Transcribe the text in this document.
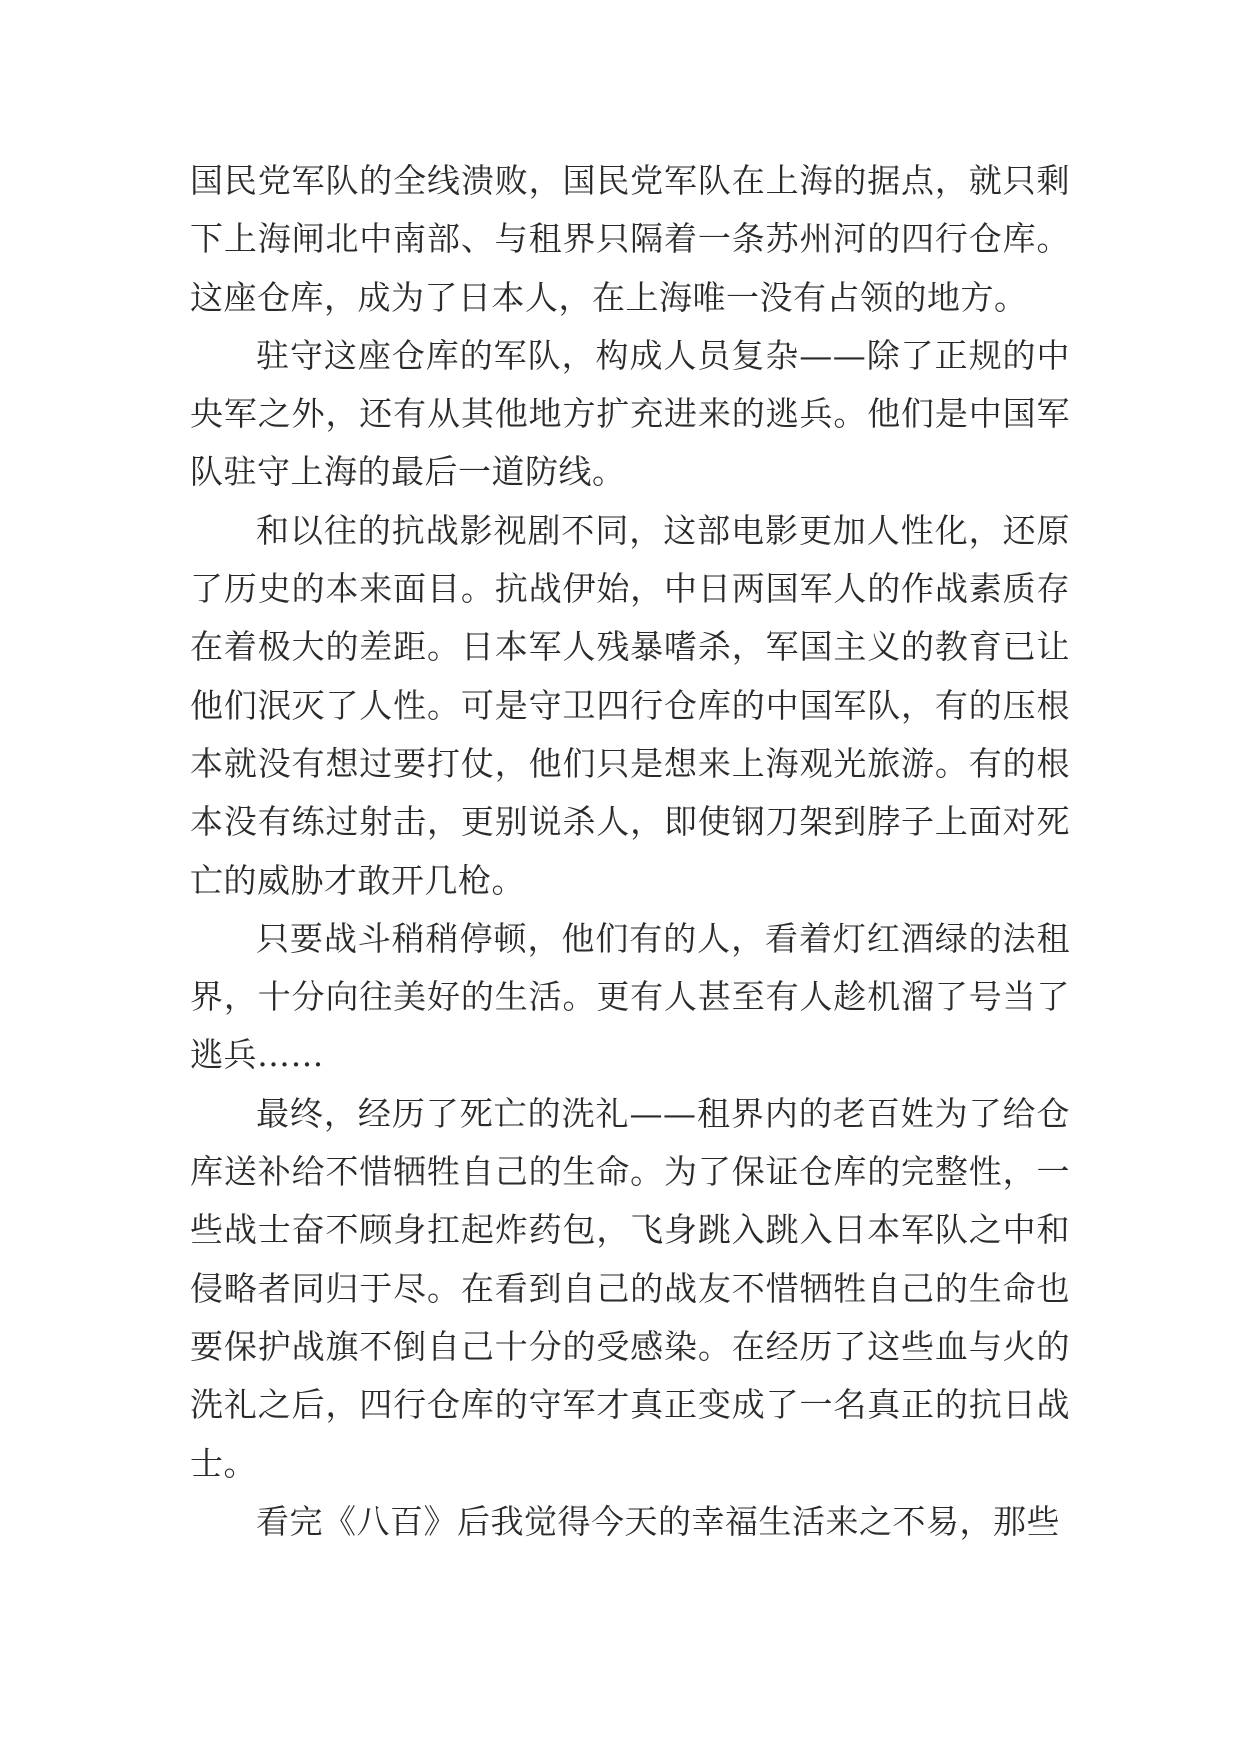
国民党军队的全线溃败，国民党军队在上海的据点，就只剩下上海闸北中南部、与租界只隔着一条苏州河的四行仓库。这座仓库，成为了日本人，在上海唯一没有占领的地方。

驻守这座仓库的军队，构成人员复杂——除了正规的中央军之外，还有从其他地方扩充进来的逃兵。他们是中国军队驻守上海的最后一道防线。

和以往的抗战影视剧不同，这部电影更加人性化，还原了历史的本来面目。抗战伊始，中日两国军人的作战素质存在着极大的差距。日本军人残暴嗜杀，军国主义的教育已让他们泯灭了人性。可是守卫四行仓库的中国军队，有的压根本就没有想过要打仗，他们只是想来上海观光旅游。有的根本没有练过射击，更别说杀人，即使钢刀架到脖子上面对死亡的威胁才敢开几枪。

只要战斗稍稍停顿，他们有的人，看着灯红酒绿的法租界，十分向往美好的生活。更有人甚至有人趁机溜了号当了逃兵……

最终，经历了死亡的洗礼——租界内的老百姓为了给仓库送补给不惜牺牲自己的生命。为了保证仓库的完整性，一些战士奋不顾身扛起炸药包，飞身跳入跳入日本军队之中和侵略者同归于尽。在看到自己的战友不惜牺牲自己的生命也要保护战旗不倒自己十分的受感染。在经历了这些血与火的洗礼之后，四行仓库的守军才真正变成了一名真正的抗日战士。

看完《八百》后我觉得今天的幸福生活来之不易，那些
